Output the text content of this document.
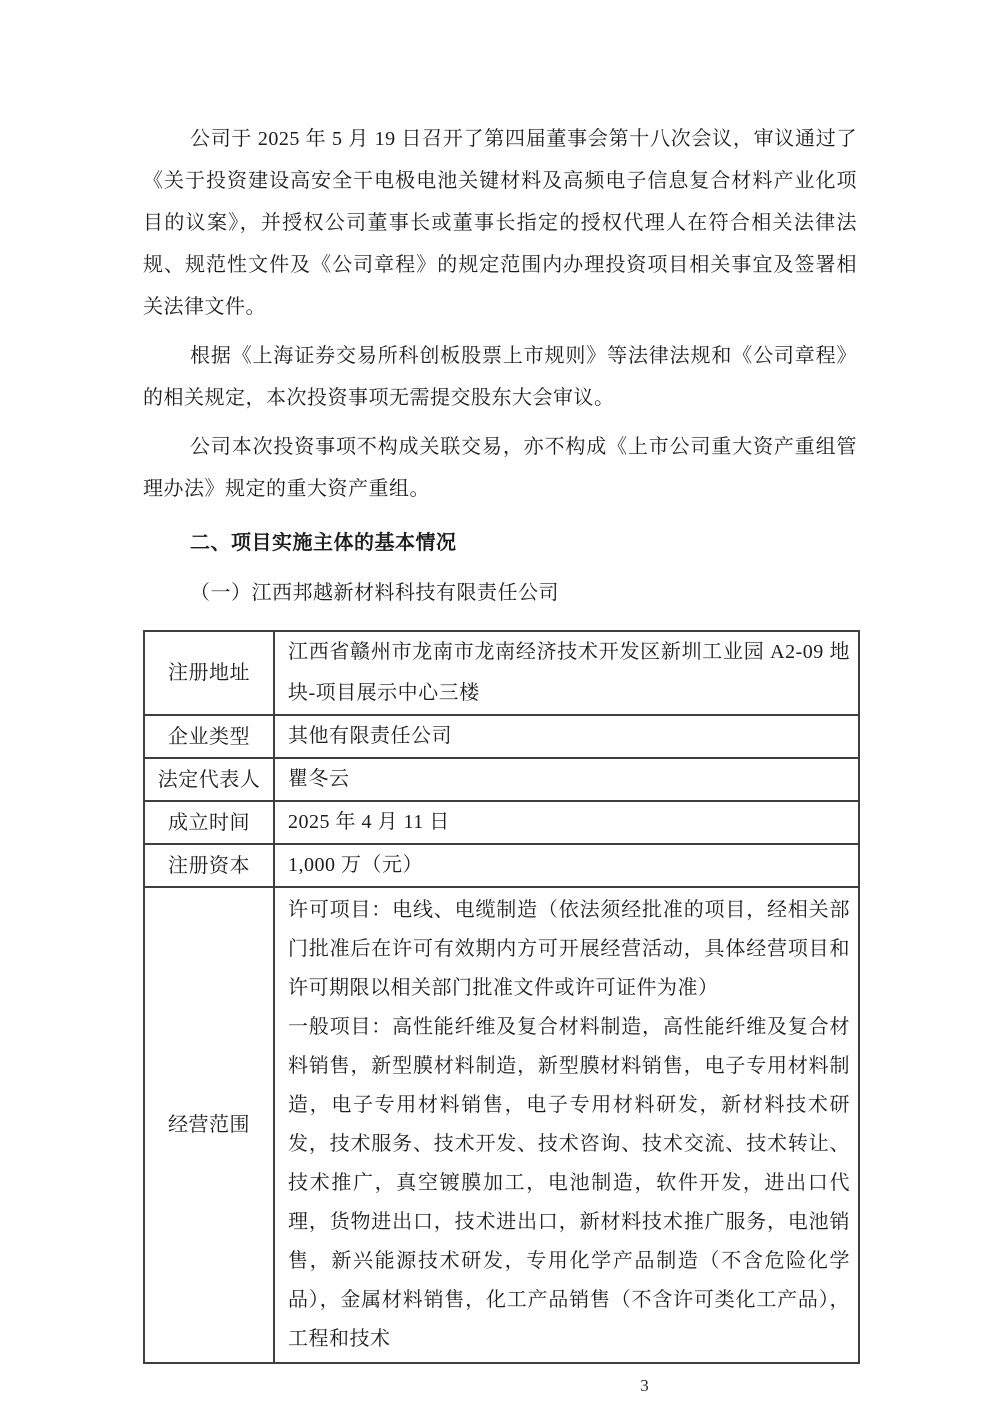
公司于 2025 年 5 月 19 日召开了第四届董事会第十八次会议，审议通过了《关于投资建设高安全干电极电池关键材料及高频电子信息复合材料产业化项目的议案》，并授权公司董事长或董事长指定的授权代理人在符合相关法律法规、规范性文件及《公司章程》的规定范围内办理投资项目相关事宜及签署相关法律文件。

根据《上海证券交易所科创板股票上市规则》等法律法规和《公司章程》的相关规定，本次投资事项无需提交股东大会审议。

公司本次投资事项不构成关联交易，亦不构成《上市公司重大资产重组管理办法》规定的重大资产重组。

二、项目实施主体的基本情况

（一）江西邦越新材料科技有限责任公司

注册地址	江西省赣州市龙南市龙南经济技术开发区新圳工业园 A2-09 地块-项目展示中心三楼
企业类型	其他有限责任公司
法定代表人	瞿冬云
成立时间	2025 年 4 月 11 日
注册资本	1,000 万（元）
经营范围	许可项目：电线、电缆制造（依法须经批准的项目，经相关部门批准后在许可有效期内方可开展经营活动，具体经营项目和许可期限以相关部门批准文件或许可证件为准）

一般项目：高性能纤维及复合材料制造，高性能纤维及复合材料销售，新型膜材料制造，新型膜材料销售，电子专用材料制造，电子专用材料销售，电子专用材料研发，新材料技术研发，技术服务、技术开发、技术咨询、技术交流、技术转让、技术推广，真空镀膜加工，电池制造，软件开发，进出口代理，货物进出口，技术进出口，新材料技术推广服务，电池销售，新兴能源技术研发，专用化学产品制造（不含危险化学品），金属材料销售，化工产品销售（不含许可类化工产品），工程和技术

3
